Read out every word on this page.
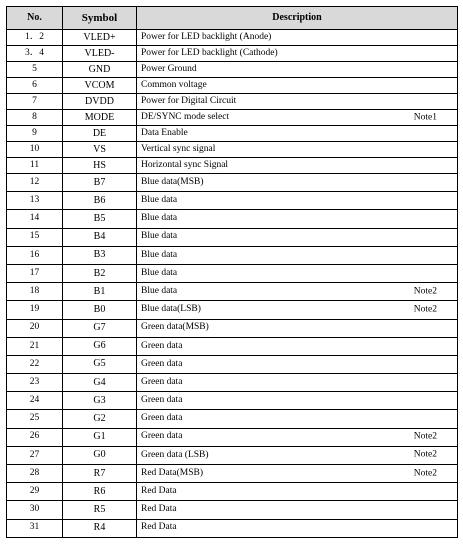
No.	Symbol	Description
1．2	VLED+	Power for LED backlight (Anode)
3．4	VLED-	Power for LED backlight (Cathode)
5	GND	Power Ground
6	VCOM	Common voltage
7	DVDD	Power for Digital Circuit
8	MODE	DE/SYNC mode select Note1

9	DE	Data Enable
10	VS	Vertical sync signal
11	HS	Horizontal sync Signal
12	B7	Blue data(MSB)
13	B6	Blue data
14	B5	Blue data
15	B4	Blue data
16	B3	Blue data
17	B2	Blue data
18	B1	Blue data Note2

19	B0	Blue data(LSB) Note2

20	G7	Green data(MSB)
21	G6	Green data
22	G5	Green data
23	G4	Green data
24	G3	Green data
25	G2	Green data
26	G1	Green data Note2

27	G0	Green data (LSB) Note2

28	R7	Red Data(MSB) Note2

29	R6	Red Data
30	R5	Red Data
31	R4	Red Data
